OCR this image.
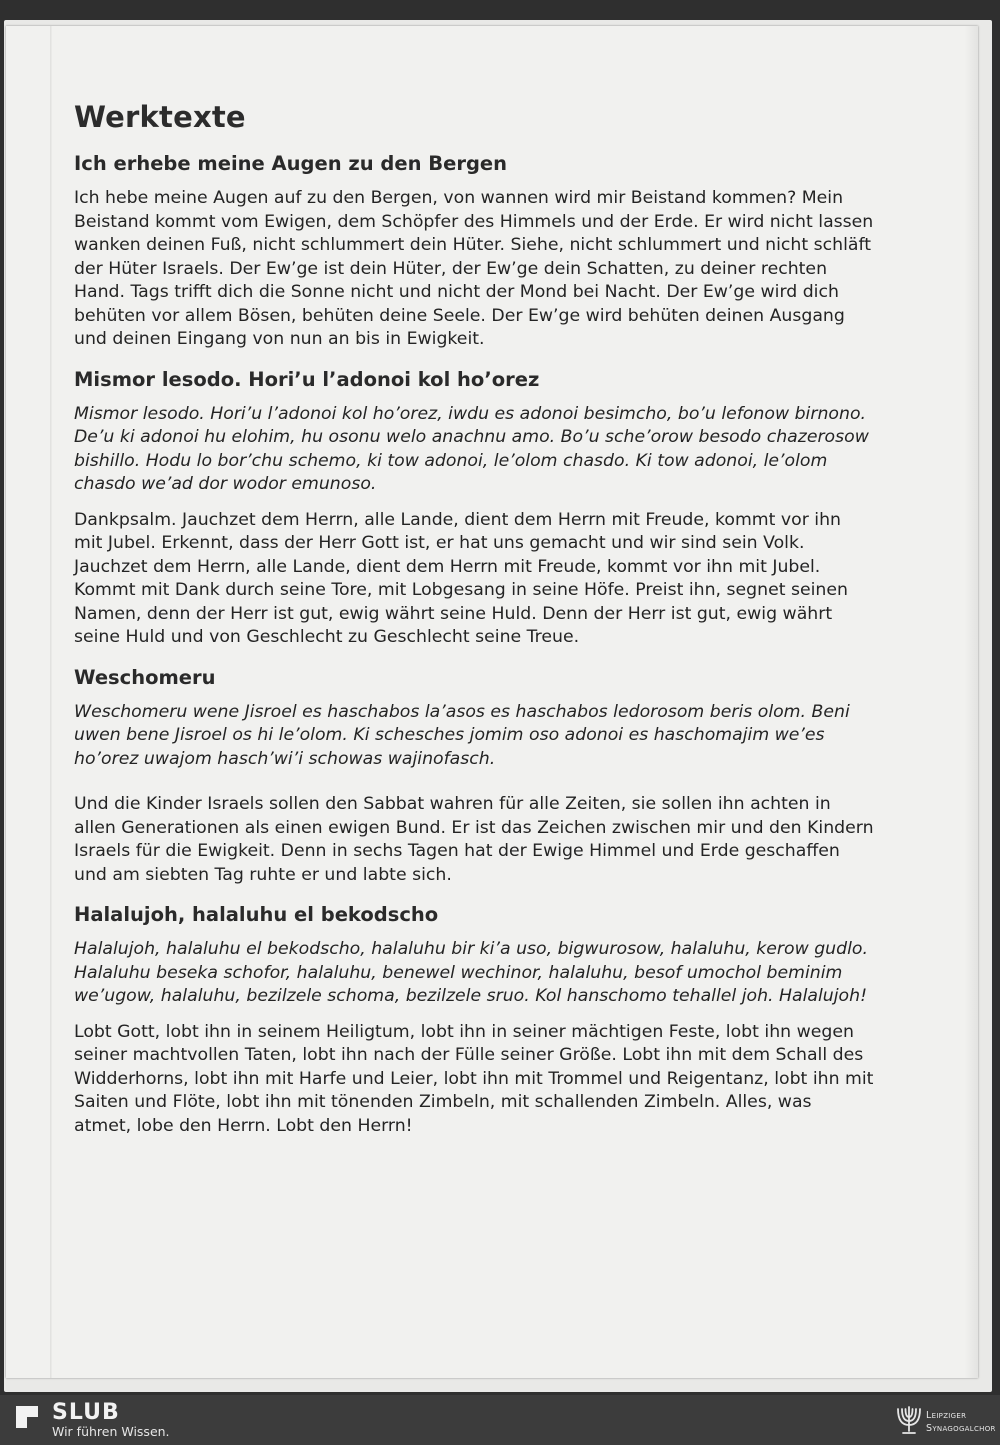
Werktexte
Ich erhebe meine Augen zu den Bergen

Ich hebe meine Augen auf zu den Bergen, von wannen wird mir Beistand kommen? Mein Beistand kommt vom Ewigen, dem Schöpfer des Himmels und der Erde. Er wird nicht lassen wanken deinen Fuß, nicht schlummert dein Hüter. Siehe, nicht schlummert und nicht schläft der Hüter Israels. Der Ew’ge ist dein Hüter, der Ew’ge dein Schatten, zu deiner rechten Hand. Tags trifft dich die Sonne nicht und nicht der Mond bei Nacht. Der Ew’ge wird dich behüten vor allem Bösen, behüten deine Seele. Der Ew’ge wird behüten deinen Ausgang und deinen Eingang von nun an bis in Ewigkeit.

Mismor lesodo. Hori’u l’adonoi kol ho’orez

Mismor lesodo. Hori’u l’adonoi kol ho’orez, iwdu es adonoi besimcho, bo’u lefonow birnono. De’u ki adonoi hu elohim, hu osonu welo anachnu amo. Bo’u sche’orow besodo chazerosow bishillo. Hodu lo bor’chu schemo, ki tow adonoi, le’olom chasdo. Ki tow adonoi, le’olom chasdo we’ad dor wodor emunoso.

Dankpsalm. Jauchzet dem Herrn, alle Lande, dient dem Herrn mit Freude, kommt vor ihn mit Jubel. Erkennt, dass der Herr Gott ist, er hat uns gemacht und wir sind sein Volk. Jauchzet dem Herrn, alle Lande, dient dem Herrn mit Freude, kommt vor ihn mit Jubel. Kommt mit Dank durch seine Tore, mit Lobgesang in seine Höfe. Preist ihn, segnet seinen Namen, denn der Herr ist gut, ewig währt seine Huld. Denn der Herr ist gut, ewig währt seine Huld und von Geschlecht zu Geschlecht seine Treue.

Weschomeru

Weschomeru wene Jisroel es haschabos la’asos es haschabos ledorosom beris olom. Beni uwen bene Jisroel os hi le’olom. Ki schesches jomim oso adonoi es haschomajim we’es ho’orez uwajom hasch’wi’i schowas wajinofasch.

Und die Kinder Israels sollen den Sabbat wahren für alle Zeiten, sie sollen ihn achten in allen Generationen als einen ewigen Bund. Er ist das Zeichen zwischen mir und den Kindern Israels für die Ewigkeit. Denn in sechs Tagen hat der Ewige Himmel und Erde geschaffen und am siebten Tag ruhte er und labte sich.

Halalujoh, halaluhu el bekodscho

Halalujoh, halaluhu el bekodscho, halaluhu bir ki’a uso, bigwurosow, halaluhu, kerow gudlo. Halaluhu beseka schofor, halaluhu, benewel wechinor, halaluhu, besof umochol beminim we’ugow, halaluhu, bezilzele schoma, bezilzele sruo. Kol hanschomo tehallel joh. Halalujoh!

Lobt Gott, lobt ihn in seinem Heiligtum, lobt ihn in seiner mächtigen Feste, lobt ihn wegen seiner machtvollen Taten, lobt ihn nach der Fülle seiner Größe. Lobt ihn mit dem Schall des Widderhorns, lobt ihn mit Harfe und Leier, lobt ihn mit Trommel und Reigentanz, lobt ihn mit Saiten und Flöte, lobt ihn mit tönenden Zimbeln, mit schallenden Zimbeln. Alles, was atmet, lobe den Herrn. Lobt den Herrn!

SLUB
Wir führen Wissen.
Leipziger
Synagogalchor
